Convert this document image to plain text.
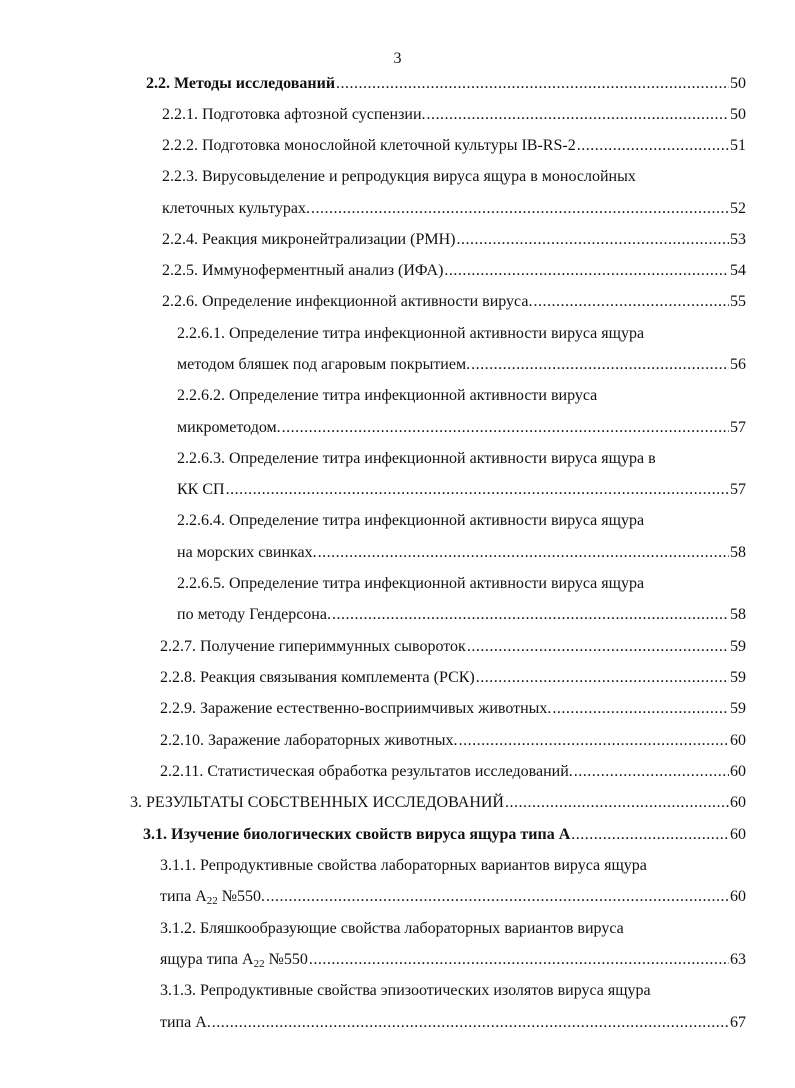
3
2.2. Методы исследований .....	50
2.2.1. Подготовка афтозной суспензии. .....	50
2.2.2. Подготовка монослойной клеточной культуры IB-RS-2 .....	51
2.2.3. Вирусовыделение и репродукция вируса ящура в монослойных
клеточных культурах. .....	52
2.2.4. Реакция микронейтрализации (РМН) .....	53
2.2.5. Иммуноферментный анализ (ИФА) .....	54
2.2.6. Определение инфекционной активности вируса. .....	55
2.2.6.1. Определение титра инфекционной активности вируса ящура
методом бляшек под агаровым покрытием. .....	56
2.2.6.2. Определение титра инфекционной активности вируса
микрометодом. .....	57
2.2.6.3. Определение титра инфекционной активности вируса ящура в
КК СП .....	57
2.2.6.4. Определение титра инфекционной активности вируса ящура
на морских свинках. .....	58
2.2.6.5. Определение титра инфекционной активности вируса ящура
по методу Гендерсона. .....	58
2.2.7. Получение гипериммунных сывороток .....	59
2.2.8. Реакция связывания комплемента (РСК) .....	59
2.2.9. Заражение естественно-восприимчивых животных. .....	59
2.2.10. Заражение лабораторных животных. .....	60
2.2.11. Статистическая обработка результатов исследований. .....	60
3. РЕЗУЛЬТАТЫ СОБСТВЕННЫХ ИССЛЕДОВАНИЙ .....	60
3.1. Изучение биологических свойств вируса ящура типа А .....	60
3.1.1. Репродуктивные свойства лабораторных вариантов вируса ящура
типа $А_{22}$ №550. .....	60
3.1.2. Бляшкообразующие свойства лабораторных вариантов вируса
ящура типа $А_{22}$ №550 .....	63
3.1.3. Репродуктивные свойства эпизоотических изолятов вируса ящура
типа А. .....	67
